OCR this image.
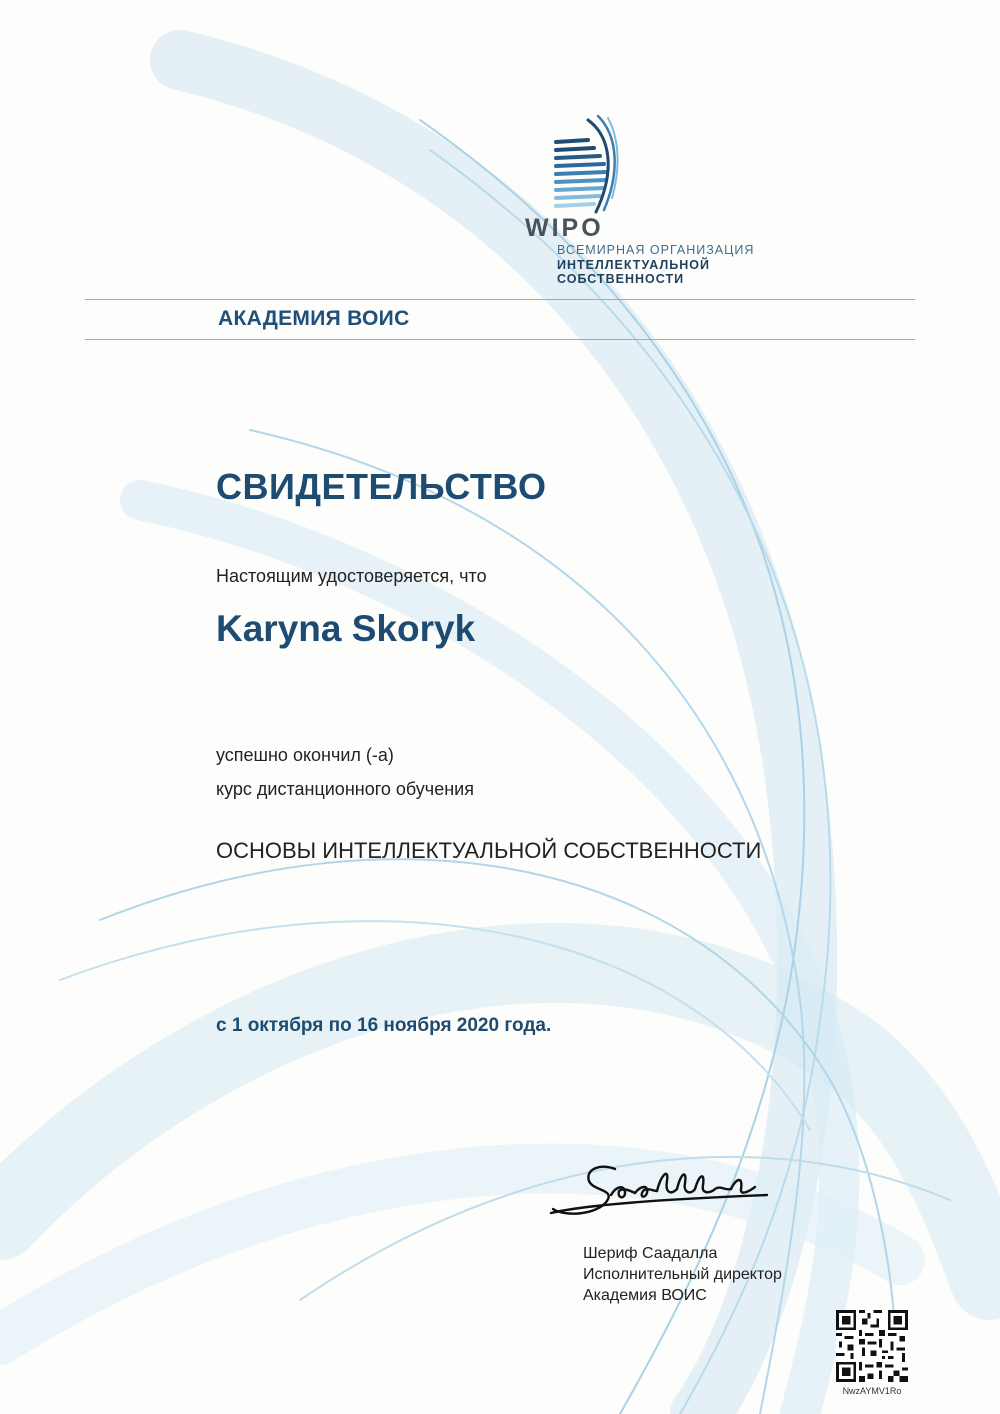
WIPO
ВСЕМИРНАЯ ОРГАНИЗАЦИЯ
ИНТЕЛЛЕКТУАЛЬНОЙ
СОБСТВЕННОСТИ
АКАДЕМИЯ ВОИС
СВИДЕТЕЛЬСТВО
Настоящим удостоверяется, что
Karyna Skoryk
успешно окончил (-а)
курс дистанционного обучения
ОСНОВЫ ИНТЕЛЛЕКТУАЛЬНОЙ СОБСТВЕННОСТИ
с 1 октября по 16 ноября 2020 года.
Шериф Саадалла
Исполнительный директор
Академия ВОИС
NwzAYMV1Ro
